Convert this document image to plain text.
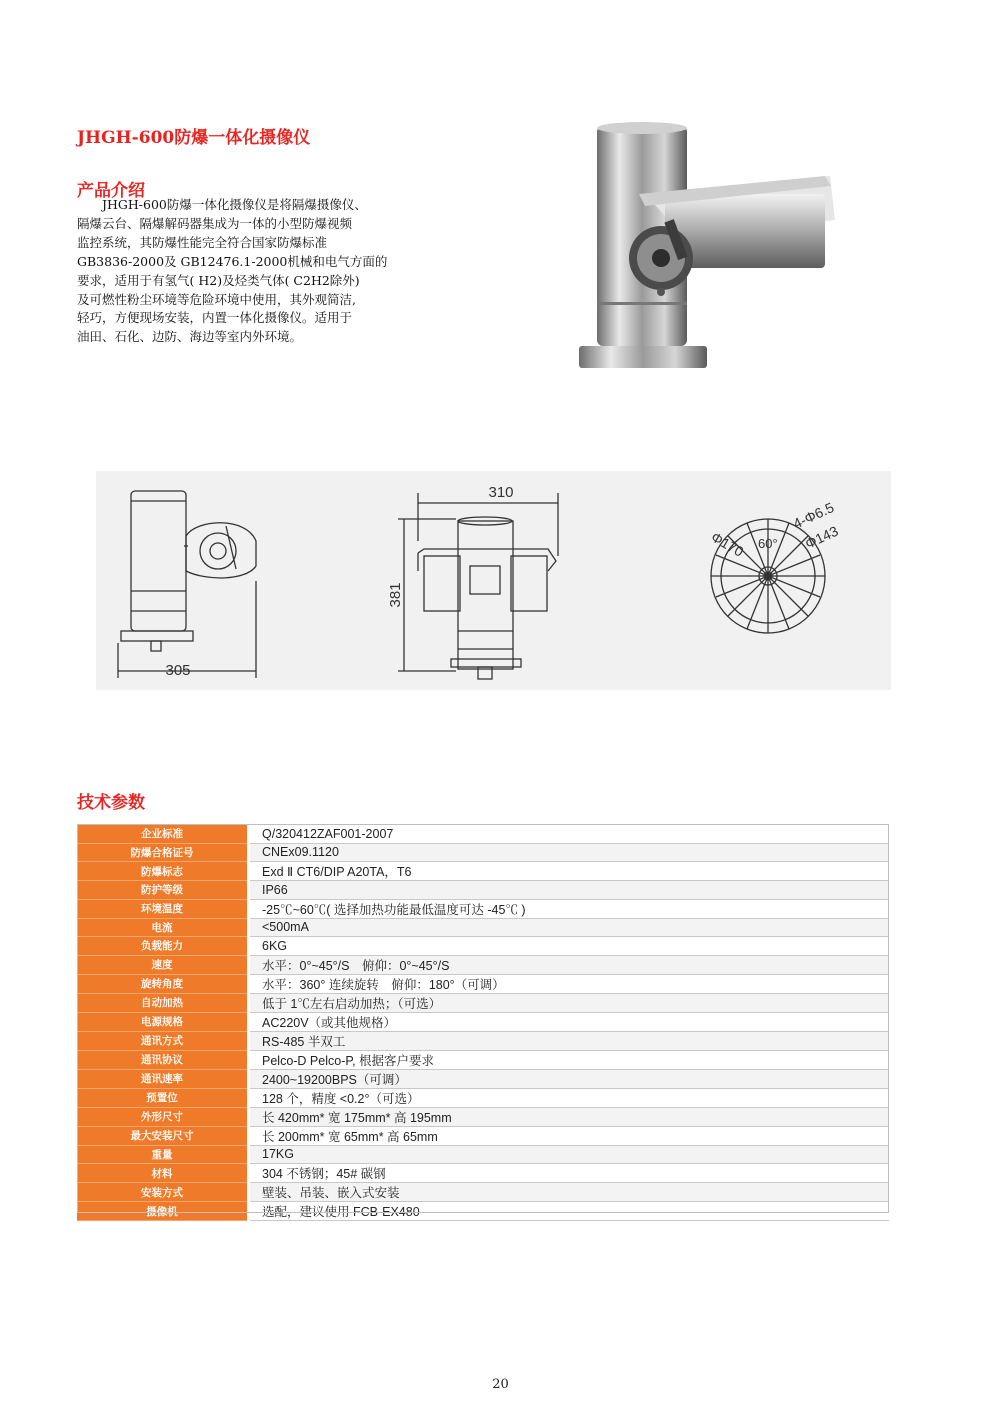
JHGH-600防爆一体化摄像仪
产品介绍

　　JHGH-600防爆一体化摄像仪是将隔爆摄像仪、

隔爆云台、隔爆解码器集成为一体的小型防爆视频

监控系统，其防爆性能完全符合国家防爆标准

GB3836-2000及 GB12476.1-2000机械和电气方面的

要求，适用于有氢气( H2)及烃类气体( C2H2除外)

及可燃性粉尘环境等危险环境中使用，其外观简洁,

轻巧，方便现场安装，内置一体化摄像仪。适用于

油田、石化、边防、海边等室内外环境。

305
310
381
Φ170 60°
4-Φ6.5
Φ143
技术参数
企业标准	Q/320412ZAF001-2007
防爆合格证号	CNEx09.1120
防爆标志	Exd Ⅱ CT6/DIP A20TA，T6
防护等级	IP66
环境温度	-25℃~60℃( 选择加热功能最低温度可达 -45℃ )
电流	<500mA
负载能力	6KG
速度	水平：0°~45°/S　俯仰：0°~45°/S
旋转角度	水平：360° 连续旋转　俯仰：180°（可调）
自动加热	低于 1℃左右启动加热；（可选）
电源规格	AC220V（或其他规格）
通讯方式	RS-485 半双工
通讯协议	Pelco-D Pelco-P, 根据客户要求
通讯速率	2400~19200BPS（可调）
预置位	128 个，精度 <0.2°（可选）
外形尺寸	长 420mm* 宽 175mm* 高 195mm
最大安装尺寸	长 200mm* 宽 65mm* 高 65mm
重量	17KG
材料	304 不锈钢；45# 碳钢
安装方式	壁装、吊装、嵌入式安装
摄像机	选配，建议使用 FCB-EX480
20
